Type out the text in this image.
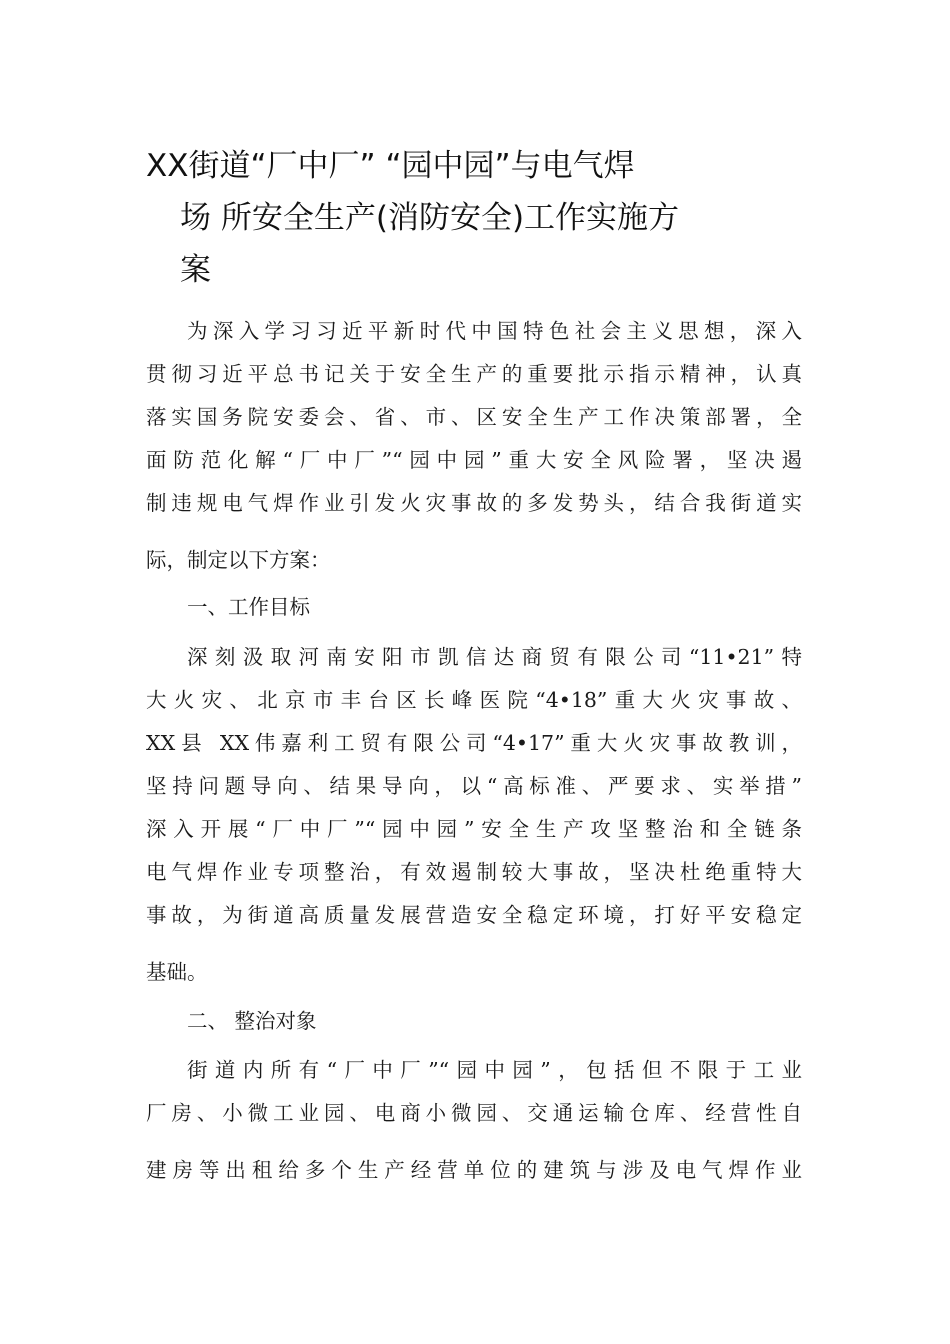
XX街道“厂中厂” “园中园”与电气焊
场 所安全生产(消防安全)工作实施方
案

为深入学习习近平新时代中国特色社会主义思想，深入
贯彻习近平总书记关于安全生产的重要批示指示精神，认真
落实国务院安委会、省、市、区安全生产工作决策部署，全
面防范化解“厂中厂”“园中园”重大安全风险署，坚决遏
制违规电气焊作业引发火灾事故的多发势头，结合我街道实
际，制定以下方案：

一、工作目标

深刻汲取河南安阳市凯信达商贸有限公司“11•21”特
大火灾、北京市丰台区长峰医院“4•18”重大火灾事故、
XX县 XX伟嘉利工贸有限公司“4•17”重大火灾事故教训，
坚持问题导向、结果导向，以“高标准、严要求、实举措”
深入开展“厂中厂”“园中园”安全生产攻坚整治和全链条
电气焊作业专项整治，有效遏制较大事故，坚决杜绝重特大
事故，为街道高质量发展营造安全稳定环境，打好平安稳定
基础。

二、 整治对象

街道内所有“厂中厂”“园中园”，包括但不限于工业
厂房、小微工业园、电商小微园、交通运输仓库、经营性自
建房等出租给多个生产经营单位的建筑与涉及电气焊作业
